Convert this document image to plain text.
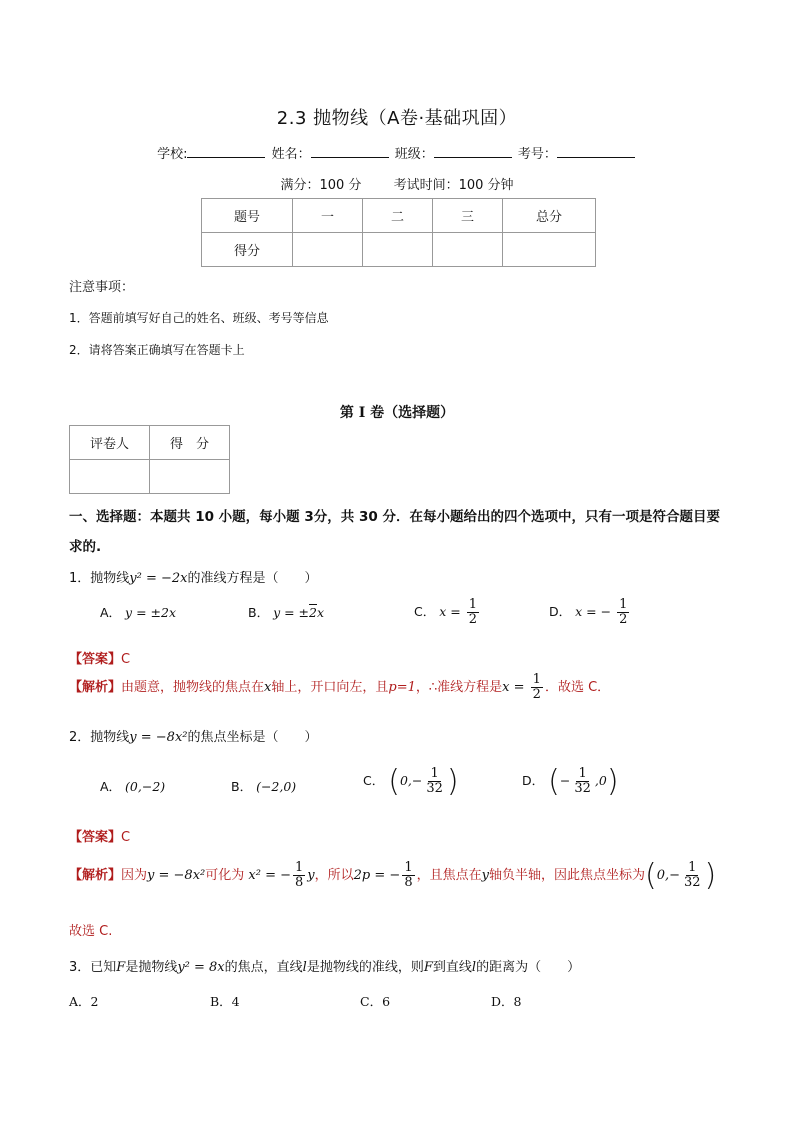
2.3 抛物线（A卷·基础巩固）
学校:	姓名：	班级：	考号：
满分：100 分 考试时间：100 分钟
题号	一	二	三	总分
得分				
注意事项：
1．答题前填写好自己的姓名、班级、考号等信息
2．请将答案正确填写在答题卡上
第 I 卷（选择题）
评卷人	得　分

一、选择题：本题共 10 小题，每小题 3分，共 30 分．在每小题给出的四个选项中，只有一项是符合题目要求的.
1．抛物线y² = −2x的准线方程是（　　）
A． y = ±2x	B． y = ±2x	C． $x = \frac{1}{2}$	D． x = − $\frac{1}{2}$
【答案】C
【解析】由题意，抛物线的焦点在x轴上，开口向左，且p=1，∴准线方程是$x = \frac{1}{2}$ ．故选 C．
2．抛物线y = −8x²的焦点坐标是（　　）
A． (0,−2)	B． (−2,0)	C． ($0,- \frac{1}{32}$ )	D． (− $\frac{1}{32} ,0$)
【答案】C
【解析】因为y = −8x²可化为 x² = − $\frac{1}{8}$ y，所以2p = − $\frac{1}{8}$ ，且焦点在y轴负半轴，因此焦点坐标为($0,- \frac{1}{32}$ )
故选 C.
3．已知F是抛物线y² = 8x的焦点，直线l是抛物线的准线，则F到直线l的距离为（　　）
A．2	B．4	C．6	D．8
